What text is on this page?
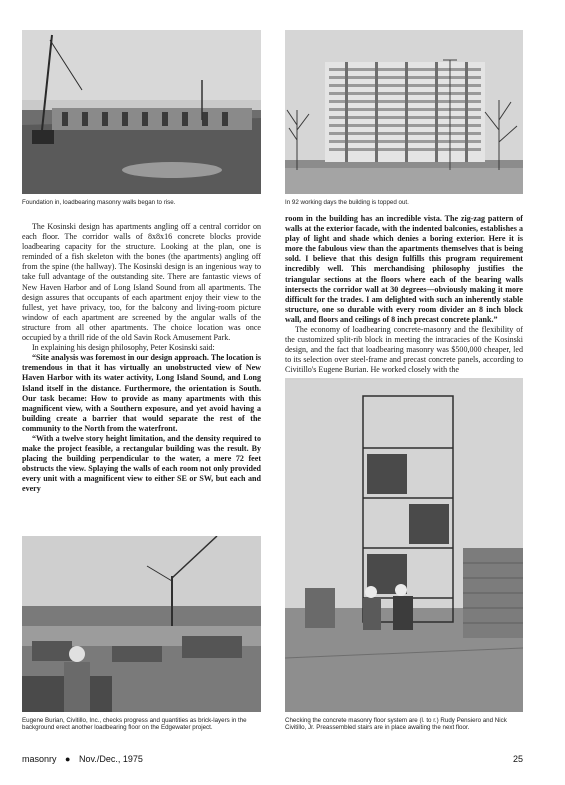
Foundation in, loadbearing masonry walls began to rise.	In 92 working days the building is topped out.

The Kosinski design has apartments angling off a central corridor on each floor. The corridor walls of 8x8x16 concrete blocks provide loadbearing capacity for the structure. Looking at the plan, one is reminded of a fish skeleton with the bones (the apartments) angling off from the spine (the hallway). The Kosinski design is an ingenious way to take full advantage of the outstanding site. There are fantastic views of New Haven Harbor and of Long Island Sound from all apartments. The design assures that occupants of each apartment enjoy their view to the fullest, yet have privacy, too, for the balcony and living-room picture window of each apartment are screened by the angular walls of the structure from all other apartments. The choice location was once occupied by a thrill ride of the old Savin Rock Amusement Park.

In explaining his design philosophy, Peter Kosinski said:

“Site analysis was foremost in our design approach. The location is tremendous in that it has virtually an unobstructed view of New Haven Harbor with its water activity, Long Island Sound, and Long Island itself in the distance. Furthermore, the orientation is South. Our task became: How to provide as many apartments with this magnificent view, with a Southern exposure, and yet avoid having a building create a barrier that would separate the rest of the community to the North from the waterfront.

“With a twelve story height limitation, and the density required to make the project feasible, a rectangular building was the result. By placing the building perpendicular to the water, a mere 72 feet obstructs the view. Splaying the walls of each room not only provided every unit with a magnificent view to either SE or SW, but each and every

room in the building has an incredible vista. The zig-zag pattern of walls at the exterior facade, with the indented balconies, establishes a play of light and shade which denies a boring exterior. Here it is more the fabulous view than the apartments themselves that is being sold. I believe that this design fulfills this program requirement incredibly well. This merchandising philosophy justifies the triangular sections at the floors where each of the bearing walls intersects the corridor wall at 30 degrees—obviously making it more difficult for the trades. I am delighted with such an inherently stable structure, one so durable with every room divider an 8 inch block wall, and floors and ceilings of 8 inch precast concrete plank.”

The economy of loadbearing concrete-masonry and the flexibility of the customized split-rib block in meeting the intracacies of the Kosinski design, and the fact that loadbearing masonry was $500,000 cheaper, led to its selection over steel-frame and precast concrete panels, according to Civitillo's Eugene Burian. He worked closely with the

Eugene Burian, Civitillo, Inc., checks progress and quantities as brick-layers in the background erect another loadbearing floor on the Edgewater project.
Checking the concrete masonry floor system are (l. to r.) Rudy Pensiero and Nick Civitillo, Jr. Preassembled stairs are in place awaiting the next floor.
masonry ● Nov./Dec., 1975	25
